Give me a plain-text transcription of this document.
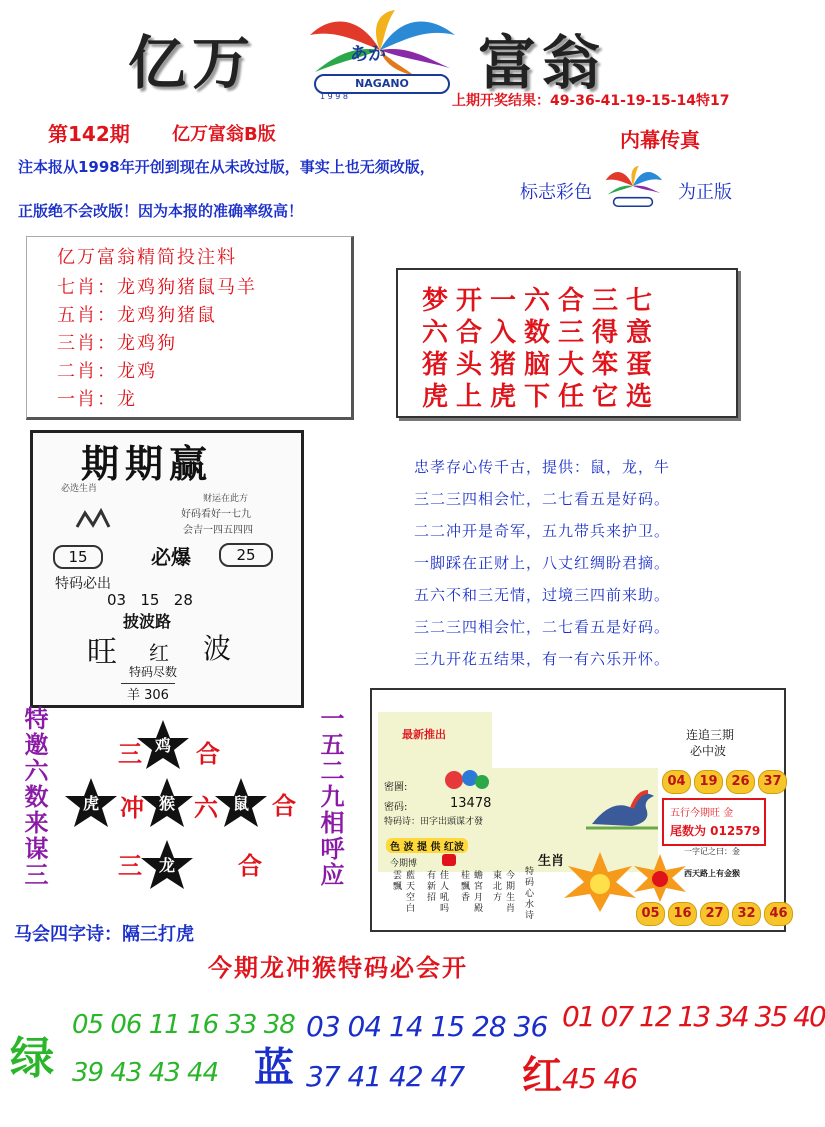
亿万	富翁
あか
NAGANO
1 9 9 8	上期开奖结果：49-36-41-19-15-14特17
第142期 亿万富翁B版	内幕传真
注本报从1998年开创到现在从未改过版，事实上也无须改版，
正版绝不会改版！因为本报的准确率级高！
标志彩色	为正版
亿万富翁精简投注料
七肖：龙鸡狗猪鼠马羊
五肖：龙鸡狗猪鼠
三肖：龙鸡狗
二肖：龙鸡
一肖：龙
梦开一六合三七
六合入数三得意
猪头猪脑大笨蛋
虎上虎下任它选
期期赢
必选生肖
财运在此方
好码看好一七九
会吉一四五四四
15	必爆	25
特码必出
03   15   28
披波路
旺 红 波
特码尽数
羊 306
忠孝存心传千古，提供：鼠，龙，牛
三二三四相会忙，二七看五是好码。
二二冲开是奇军，五九带兵来护卫。
一脚踩在正财上，八丈红绸盼君摘。
五六不和三无情，过境三四前来助。
三二三四相会忙，二七看五是好码。
三九开花五结果，有一有六乐开怀。
特邀六数来谋三	一五二九相呼应
三 鸡	合
虎 冲 猴 六 鼠 合
三	龙	合
马会四字诗：隔三打虎
最新推出	连追三期
必中波
04 19 26 37
密圖:
密码:	13478
特码诗：田字出頭谋才發
五行今期旺 金
尾数为 012579
色 波 提 供 红波
生肖
今期博
藍天空白雲飄	佳人吼吗有新招	蟾宮月殿桂飄香	今期生肖東北方	特码心水诗
一字记之曰：金
西天路上有金猴
05 16 27 32 46
今期龙冲猴特码必会开
绿
05 06 11 16 33 38
39 43 43 44 蓝
03 04 14 15 28 36
37 41 42 47 红
01 07 12 13 34 35 40
45 46
